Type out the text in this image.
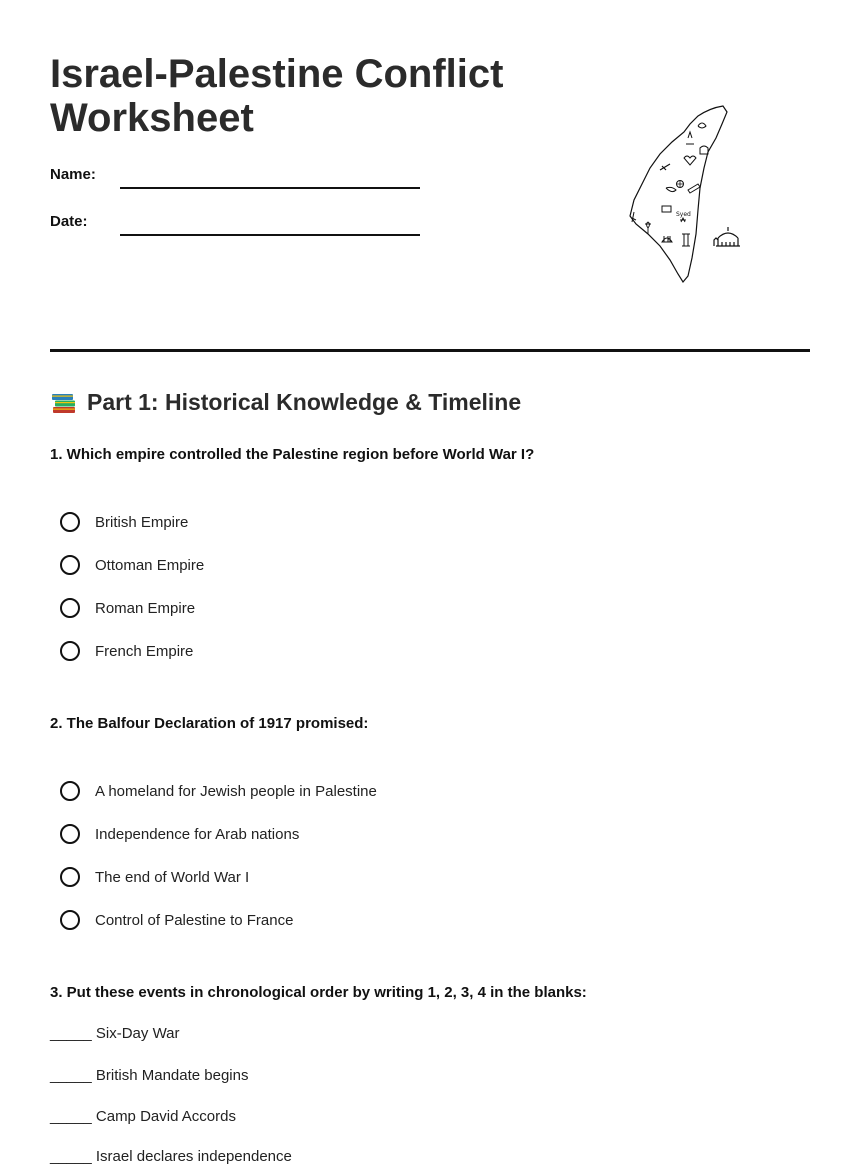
Israel-Palestine Conflict Worksheet
Name:
Date:	Syed
Part 1: Historical Knowledge & Timeline
1. Which empire controlled the Palestine region before World War I?
British Empire
Ottoman Empire
Roman Empire
French Empire
2. The Balfour Declaration of 1917 promised:
A homeland for Jewish people in Palestine
Independence for Arab nations
The end of World War I
Control of Palestine to France
3. Put these events in chronological order by writing 1, 2, 3, 4 in the blanks:
_____ Six-Day War
_____ British Mandate begins
_____ Camp David Accords
_____ Israel declares independence
